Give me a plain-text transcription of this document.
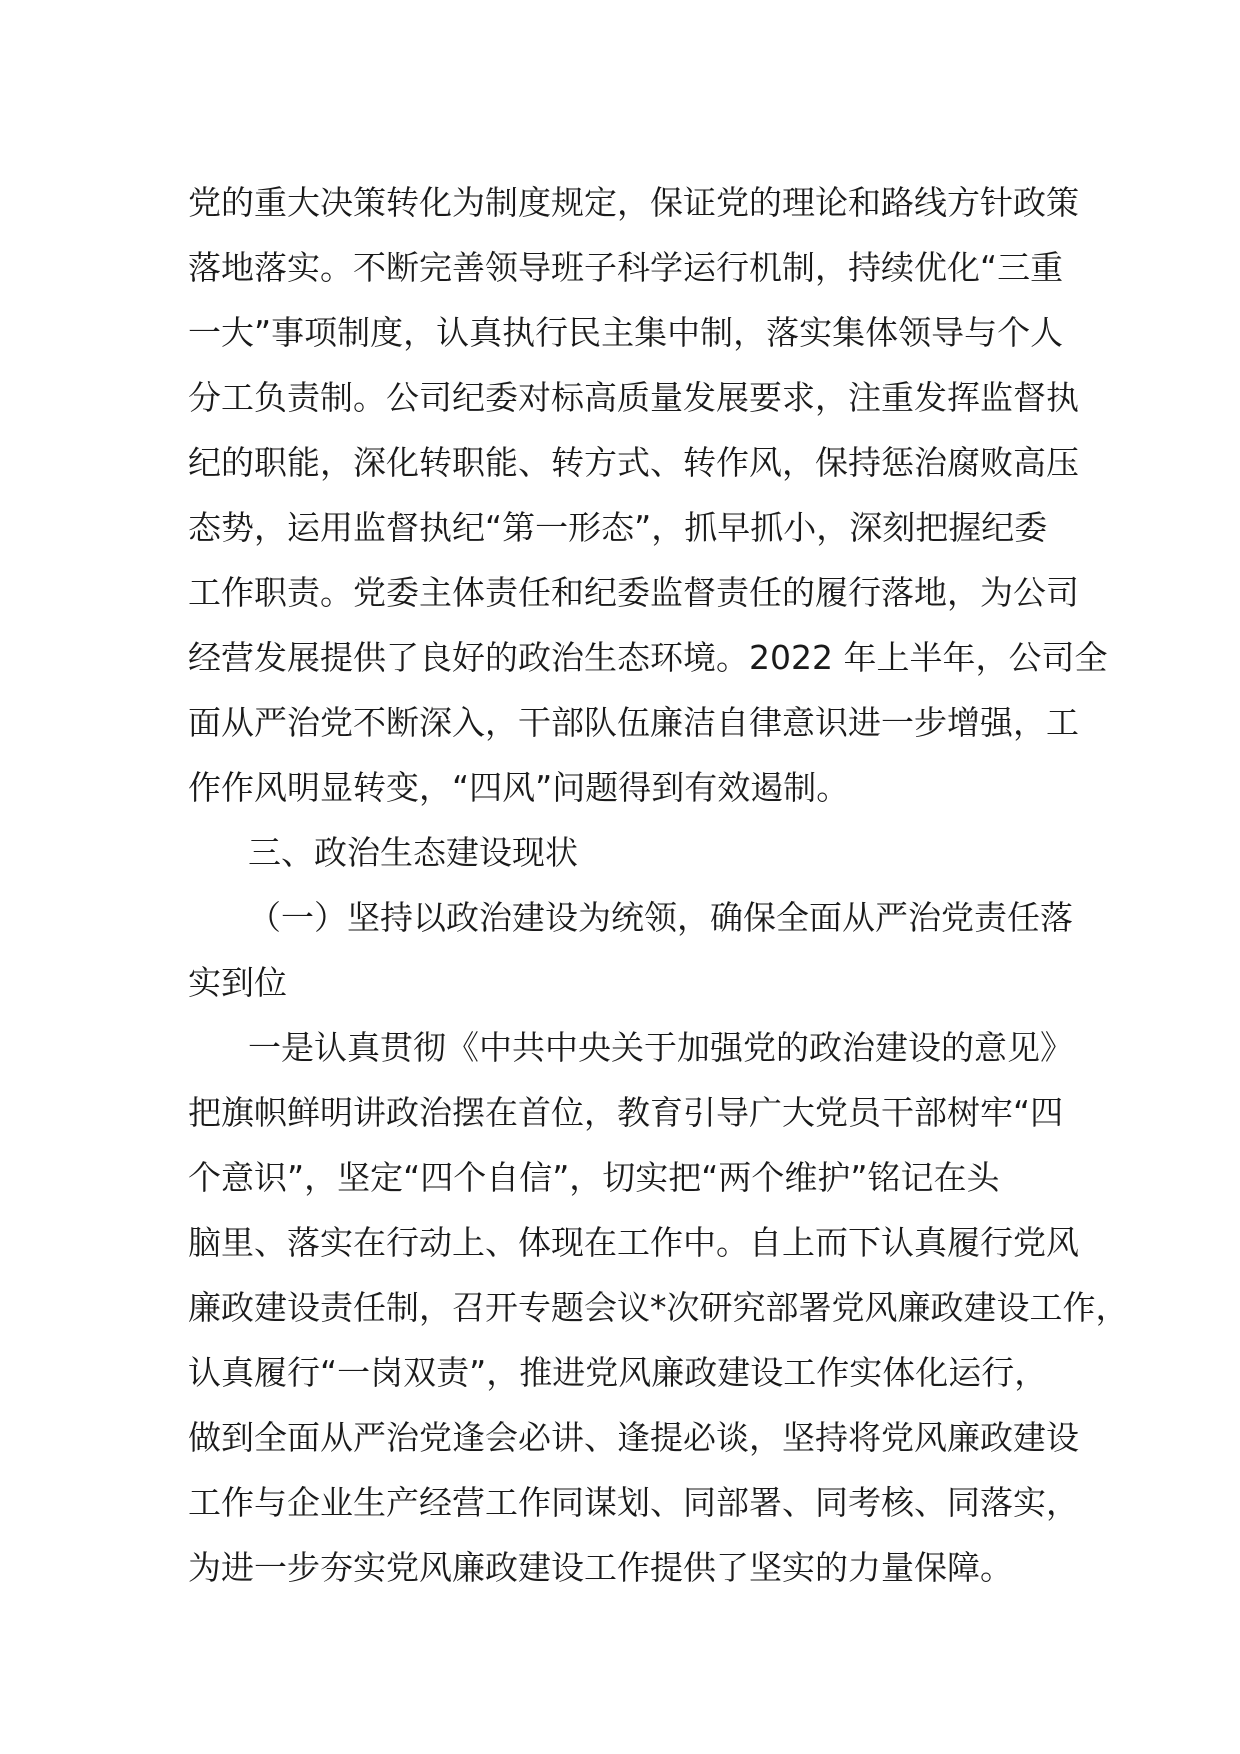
党的重大决策转化为制度规定，保证党的理论和路线方针政策
落地落实。不断完善领导班子科学运行机制，持续优化“三重
一大”事项制度，认真执行民主集中制，落实集体领导与个人
分工负责制。公司纪委对标高质量发展要求，注重发挥监督执
纪的职能，深化转职能、转方式、转作风，保持惩治腐败高压
态势，运用监督执纪“第一形态”，抓早抓小，深刻把握纪委
工作职责。党委主体责任和纪委监督责任的履行落地，为公司
经营发展提供了良好的政治生态环境。2022 年上半年，公司全
面从严治党不断深入，干部队伍廉洁自律意识进一步增强，工
作作风明显转变，“四风”问题得到有效遏制。
三、政治生态建设现状
（一）坚持以政治建设为统领，确保全面从严治党责任落
实到位
一是认真贯彻《中共中央关于加强党的政治建设的意见》
把旗帜鲜明讲政治摆在首位，教育引导广大党员干部树牢“四
个意识”，坚定“四个自信”，切实把“两个维护”铭记在头
脑里、落实在行动上、体现在工作中。自上而下认真履行党风
廉政建设责任制，召开专题会议*次研究部署党风廉政建设工作，
认真履行“一岗双责”，推进党风廉政建设工作实体化运行，
做到全面从严治党逢会必讲、逢提必谈，坚持将党风廉政建设
工作与企业生产经营工作同谋划、同部署、同考核、同落实，
为进一步夯实党风廉政建设工作提供了坚实的力量保障。
